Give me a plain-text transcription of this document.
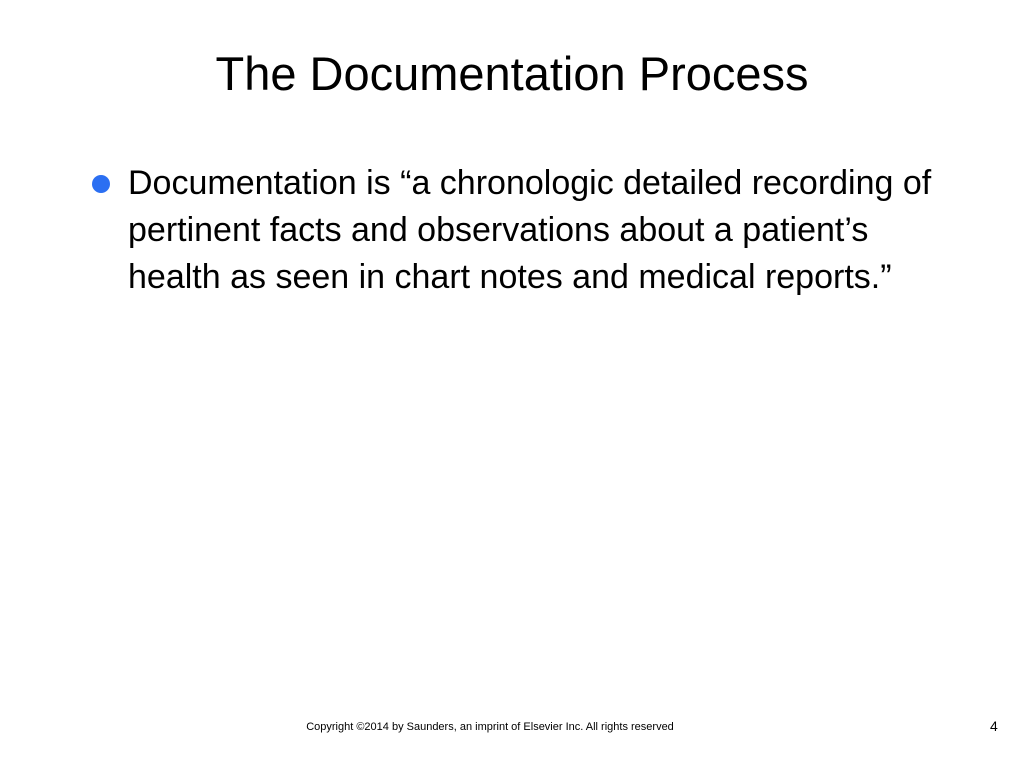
The Documentation Process
Documentation is “a chronologic detailed recording of pertinent facts and observations about a patient’s health as seen in chart notes and medical reports.”
Copyright ©2014 by Saunders, an imprint of Elsevier Inc. All rights reserved	4
